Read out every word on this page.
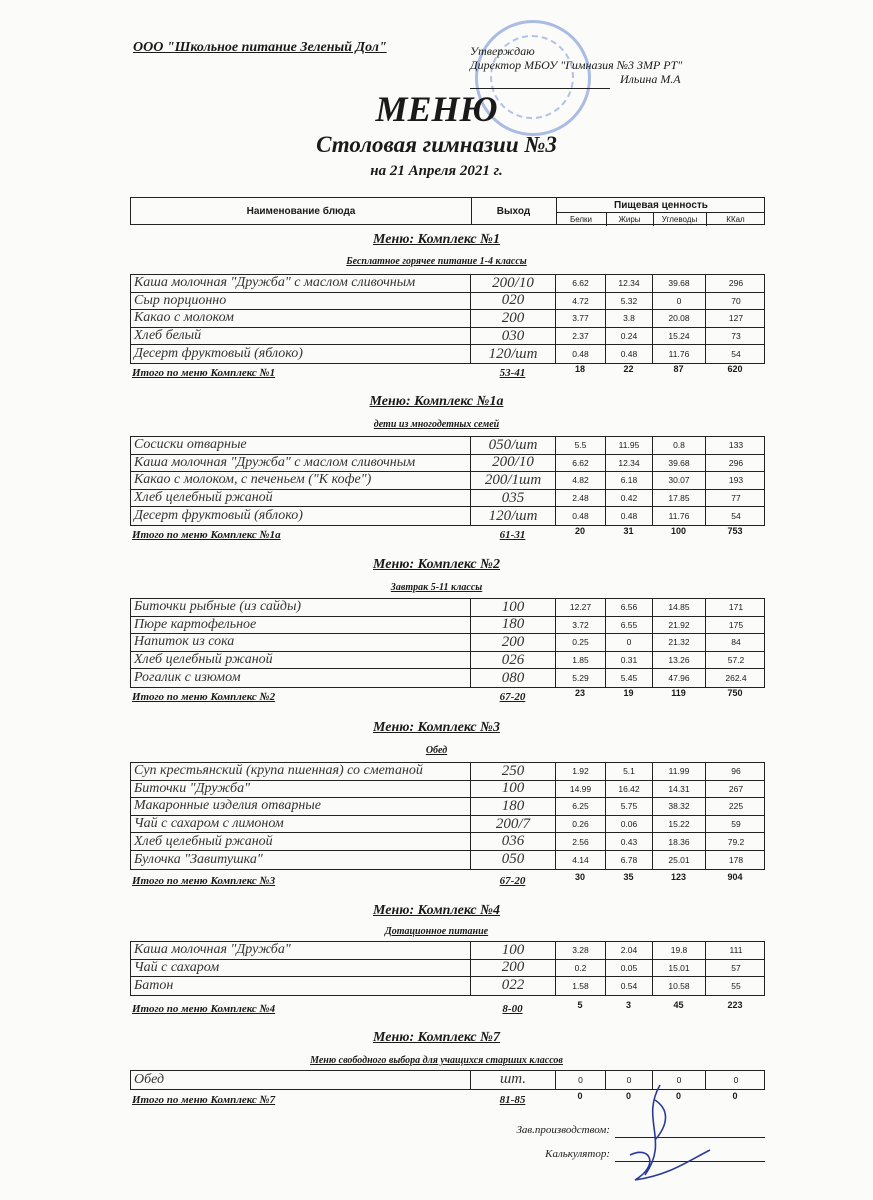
ООО "Школьное питание Зеленый Дол"	Утверждаю
Директор МБОУ "Гимназия №3 ЗМР РТ"
Ильина М.А
МЕНЮ
Столовая гимназии №3
на 21 Апреля 2021 г.
Наименование блюда	Выход
Пищевая ценность
Белки	Жиры	Углеводы	ККал
Меню: Комплекс №1
Бесплатное горячее питание 1-4 классы
Каша молочная "Дружба" с маслом сливочным	200/10	6.62	12.34	39.68	296
Сыр порционно	020	4.72	5.32	0	70
Какао с молоком	200	3.77	3.8	20.08	127
Хлеб белый	030	2.37	0.24	15.24	73
Десерт фруктовый (яблоко)	120/шт	0.48	0.48	11.76	54
Итого по меню Комплекс №1	53-41	18	22	87	620
Меню: Комплекс №1а
дети из многодетных семей
Сосиски отварные	050/шт	5.5	11.95	0.8	133
Каша молочная "Дружба" с маслом сливочным	200/10	6.62	12.34	39.68	296
Какао с молоком, с печеньем ("К кофе")	200/1шт	4.82	6.18	30.07	193
Хлеб целебный ржаной	035	2.48	0.42	17.85	77
Десерт фруктовый (яблоко)	120/шт	0.48	0.48	11.76	54
Итого по меню Комплекс №1а	61-31	20	31	100	753
Меню: Комплекс №2
Завтрак 5-11 классы
Биточки рыбные (из сайды)	100	12.27	6.56	14.85	171
Пюре картофельное	180	3.72	6.55	21.92	175
Напиток из сока	200	0.25	0	21.32	84
Хлеб целебный ржаной	026	1.85	0.31	13.26	57.2
Рогалик с изюмом	080	5.29	5.45	47.96	262.4
Итого по меню Комплекс №2	67-20	23	19	119	750
Меню: Комплекс №3
Обед
Суп крестьянский (крупа пшенная) со сметаной	250	1.92	5.1	11.99	96
Биточки "Дружба"	100	14.99	16.42	14.31	267
Макаронные изделия отварные	180	6.25	5.75	38.32	225
Чай с сахаром с лимоном	200/7	0.26	0.06	15.22	59
Хлеб целебный ржаной	036	2.56	0.43	18.36	79.2
Булочка "Завитушка"	050	4.14	6.78	25.01	178
Итого по меню Комплекс №3	67-20	30	35	123	904
Меню: Комплекс №4
Дотационное питание
Каша молочная "Дружба"	100	3.28	2.04	19.8	111
Чай с сахаром	200	0.2	0.05	15.01	57
Батон	022	1.58	0.54	10.58	55
Итого по меню Комплекс №4	8-00	5	3	45	223
Меню: Комплекс №7
Меню свободного выбора для учащихся старших классов
Обед	шт.	0	0	0	0
Итого по меню Комплекс №7	81-85	0	0	0	0
Зав.производством:
Калькулятор:
